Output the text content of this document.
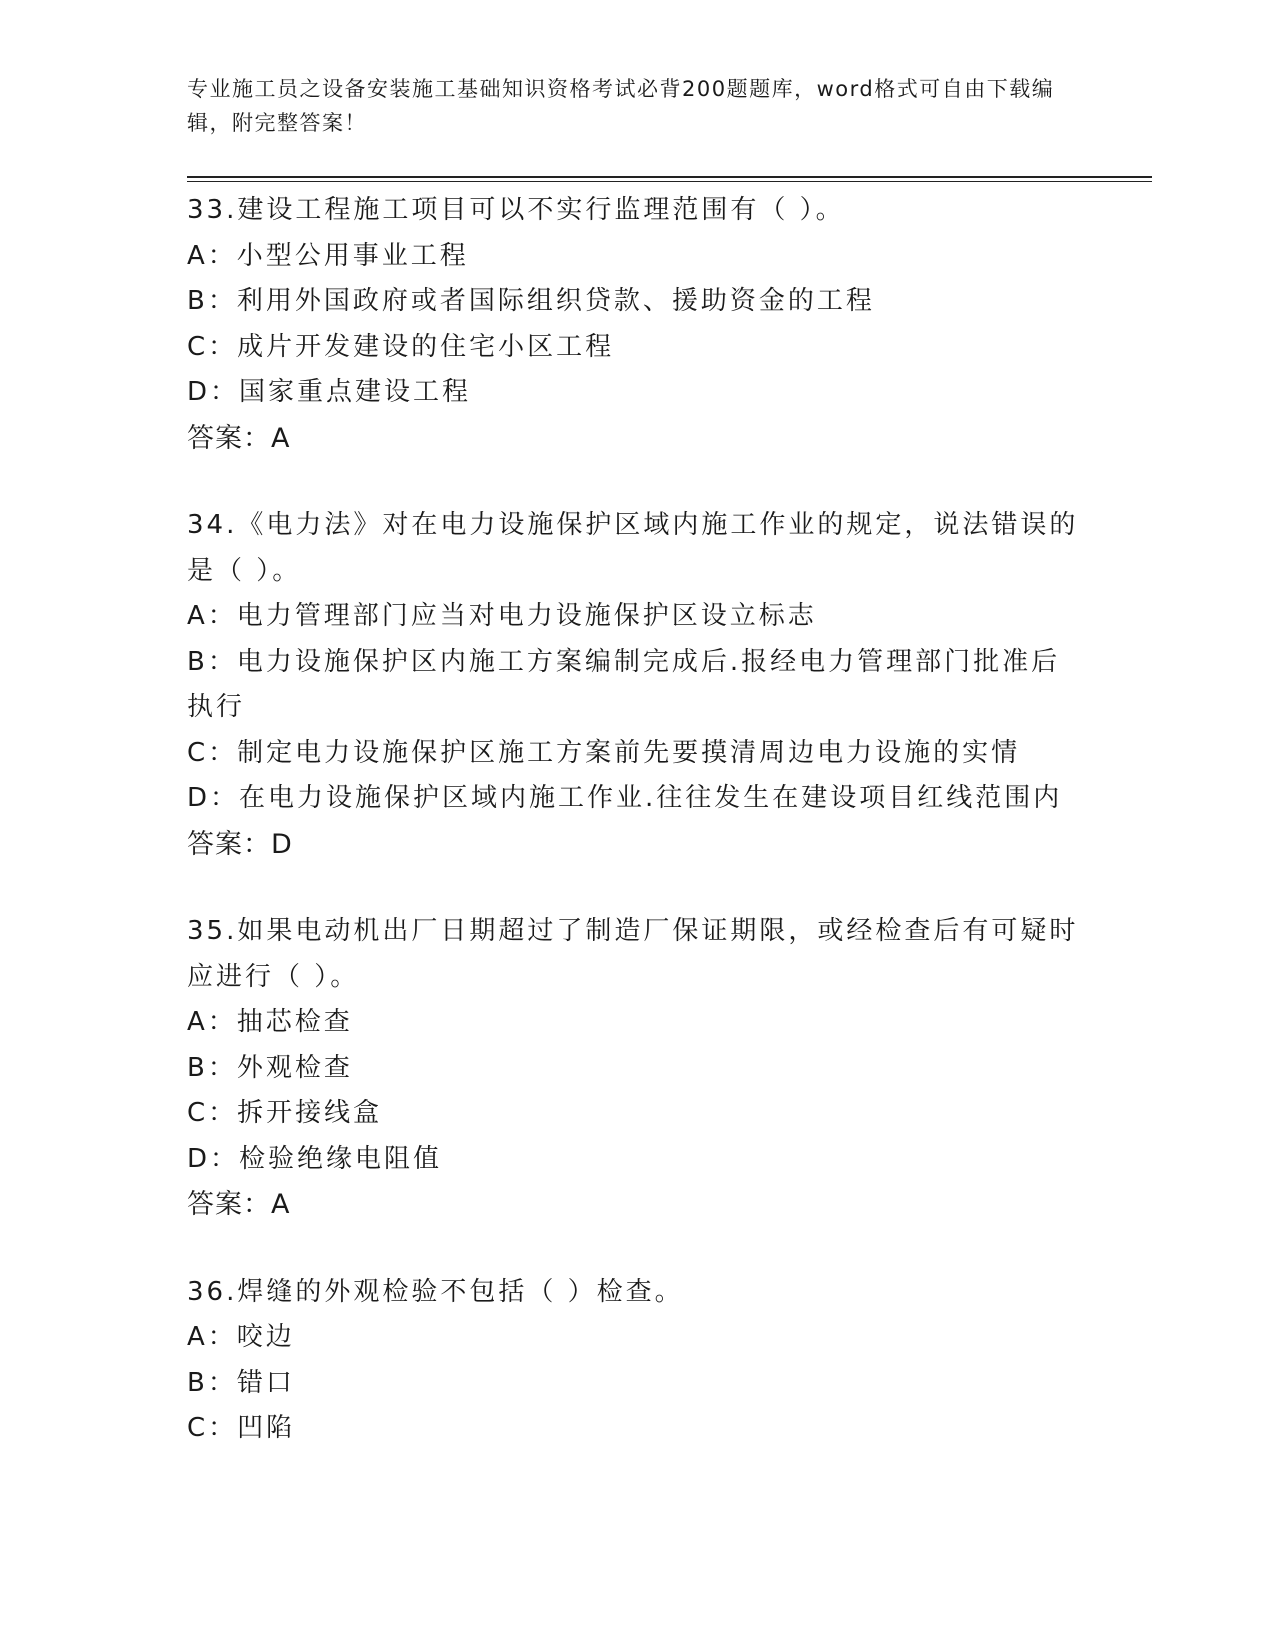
专业施工员之设备安装施工基础知识资格考试必背200题题库，word格式可自由下载编辑，附完整答案！
33.建设工程施工项目可以不实行监理范围有（ ）。
A：小型公用事业工程
B：利用外国政府或者国际组织贷款、援助资金的工程
C：成片开发建设的住宅小区工程
D：国家重点建设工程
答案：A
34.《电力法》对在电力设施保护区域内施工作业的规定，说法错误的是（ ）。
A：电力管理部门应当对电力设施保护区设立标志
B：电力设施保护区内施工方案编制完成后.报经电力管理部门批准后执行
C：制定电力设施保护区施工方案前先要摸清周边电力设施的实情
D：在电力设施保护区域内施工作业.往往发生在建设项目红线范围内
答案：D
35.如果电动机出厂日期超过了制造厂保证期限，或经检查后有可疑时应进行（ ）。
A：抽芯检查
B：外观检查
C：拆开接线盒
D：检验绝缘电阻值
答案：A
36.焊缝的外观检验不包括（ ）检查。
A：咬边
B：错口
C：凹陷
